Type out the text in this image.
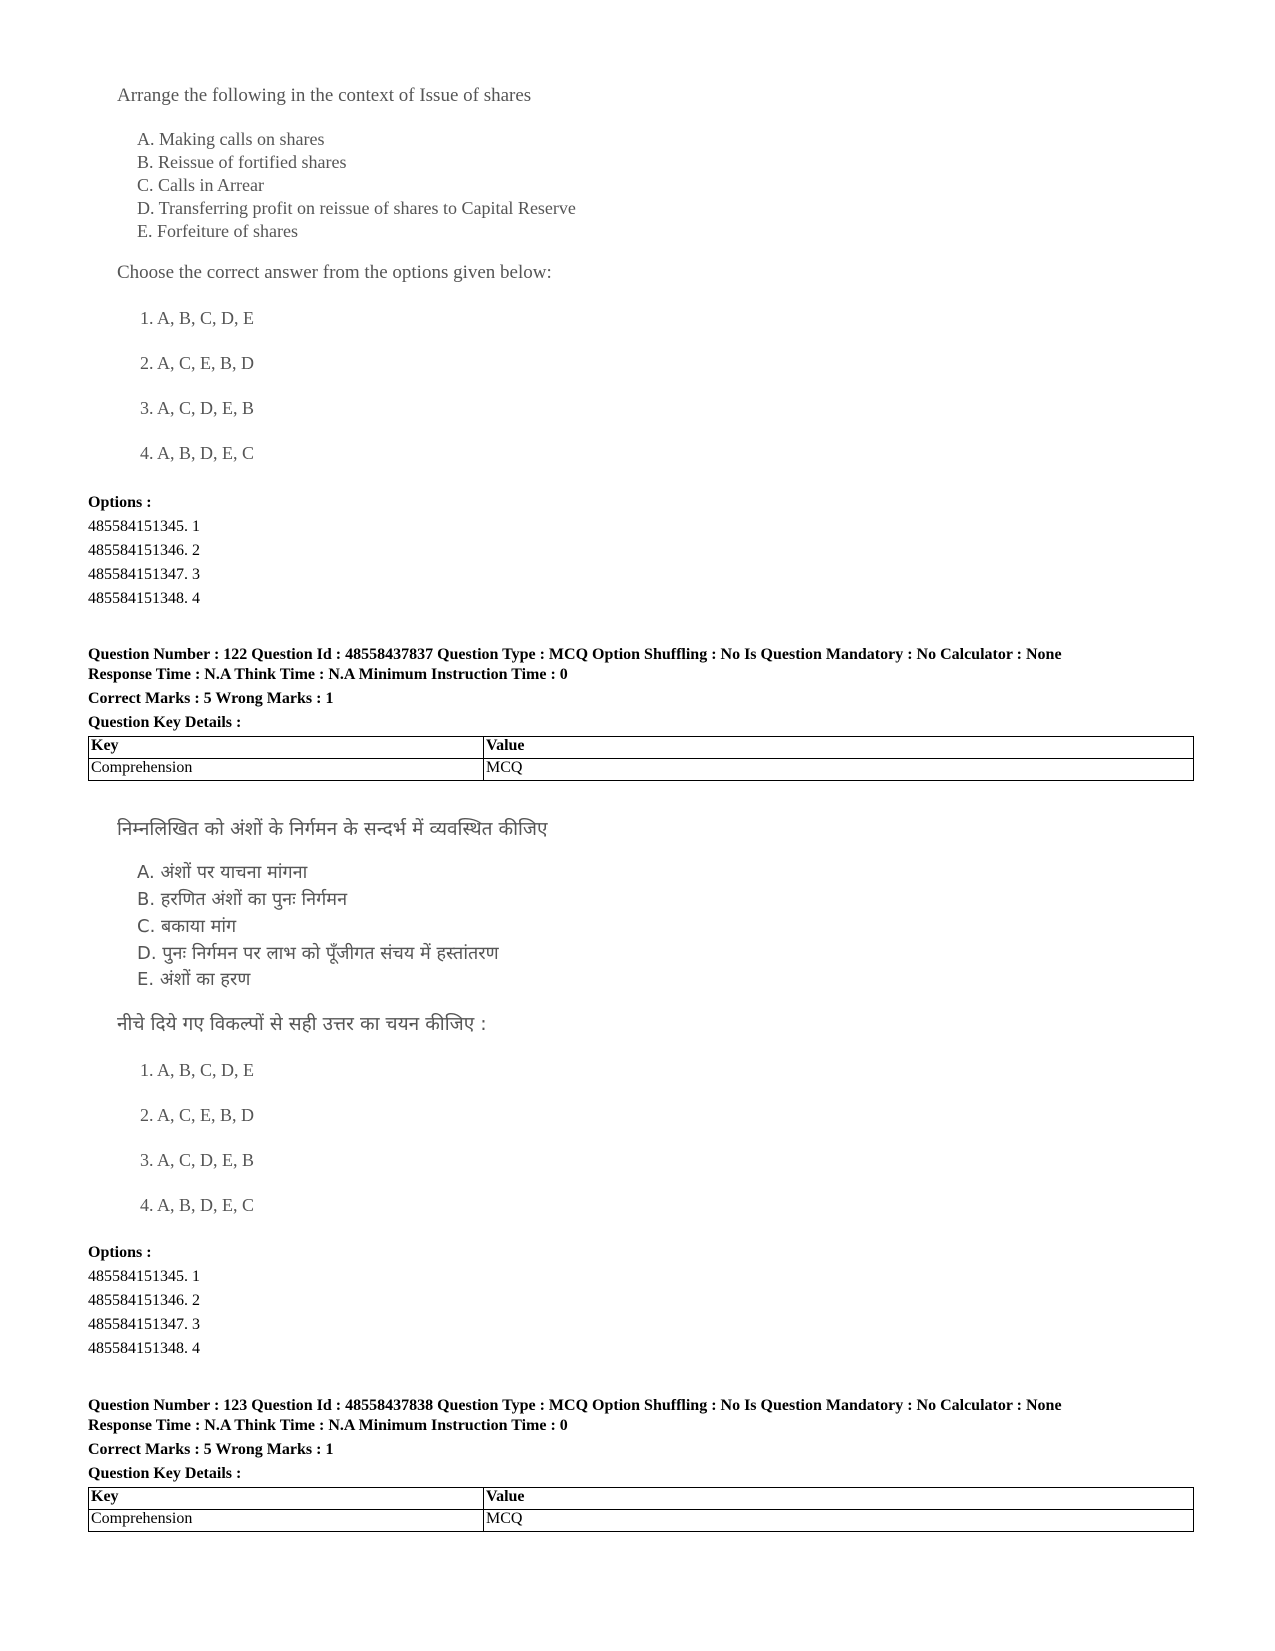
Arrange the following in the context of Issue of shares
A. Making calls on shares
B. Reissue of fortified shares
C. Calls in Arrear
D. Transferring profit on reissue of shares to Capital Reserve
E. Forfeiture of shares
Choose the correct answer from the options given below:
1. A, B, C, D, E
2. A, C, E, B, D
3. A, C, D, E, B
4. A, B, D, E, C
Options :
485584151345. 1
485584151346. 2
485584151347. 3
485584151348. 4
Question Number : 122 Question Id : 48558437837 Question Type : MCQ Option Shuffling : No Is Question Mandatory : No Calculator : None
Response Time : N.A Think Time : N.A Minimum Instruction Time : 0
Correct Marks : 5 Wrong Marks : 1
Question Key Details :
Key	Value
Comprehension	MCQ
निम्नलिखित को अंशों के निर्गमन के सन्दर्भ में व्यवस्थित कीजिए
A. अंशों पर याचना मांगना
B. हरणित अंशों का पुनः निर्गमन
C. बकाया मांग
D. पुनः निर्गमन पर लाभ को पूँजीगत संचय में हस्तांतरण
E. अंशों का हरण
नीचे दिये गए विकल्पों से सही उत्तर का चयन कीजिए :
1. A, B, C, D, E
2. A, C, E, B, D
3. A, C, D, E, B
4. A, B, D, E, C
Options :
485584151345. 1
485584151346. 2
485584151347. 3
485584151348. 4
Question Number : 123 Question Id : 48558437838 Question Type : MCQ Option Shuffling : No Is Question Mandatory : No Calculator : None
Response Time : N.A Think Time : N.A Minimum Instruction Time : 0
Correct Marks : 5 Wrong Marks : 1
Question Key Details :
Key	Value
Comprehension	MCQ
